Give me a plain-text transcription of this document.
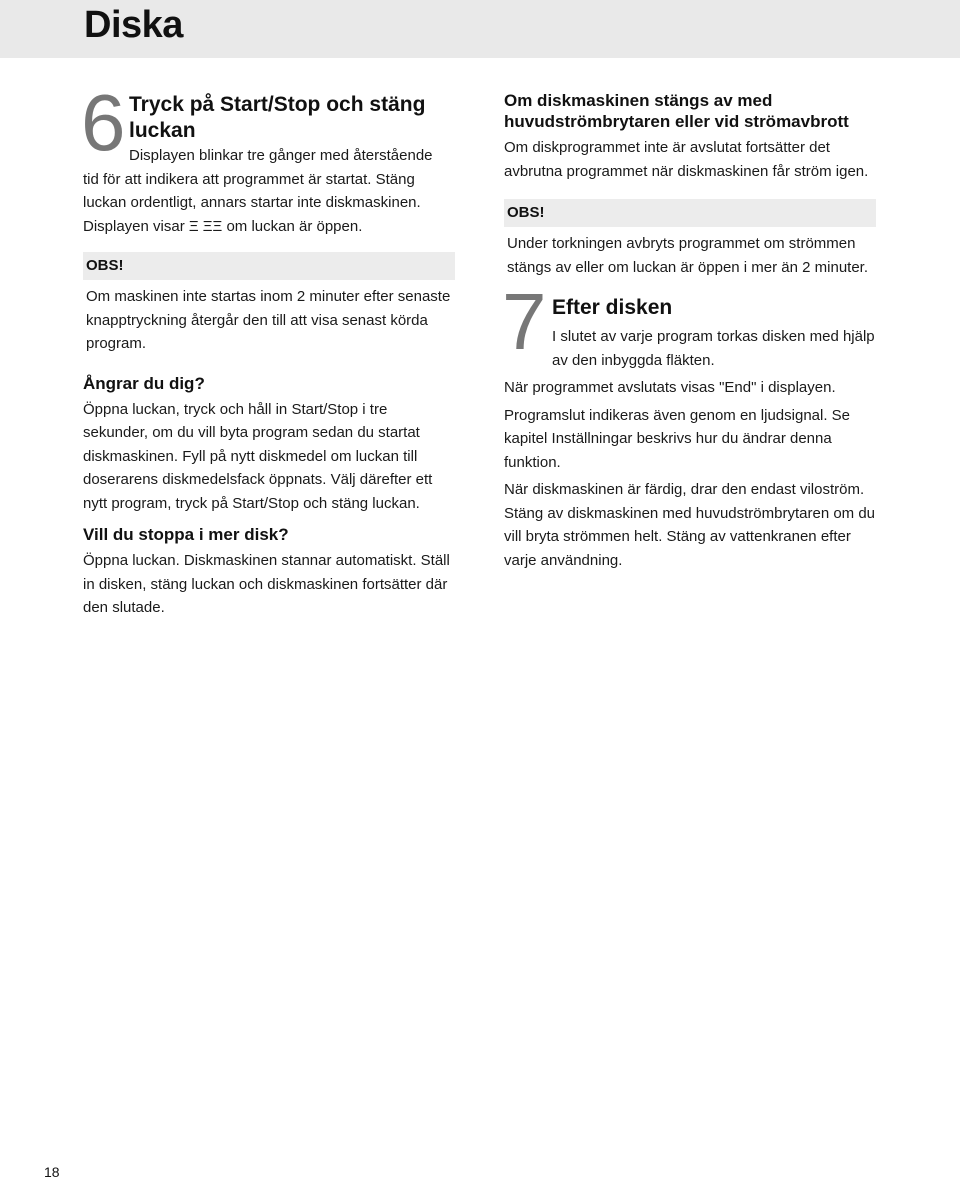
Diska
6 Tryck på Start/Stop och stäng luckan

Displayen blinkar tre gånger med återstående
tid för att indikera att programmet är startat. Stäng luckan ordentligt, annars startar inte diskmaskinen. Displayen visar Ξ ΞΞ om luckan är öppen.

OBS!

Om maskinen inte startas inom 2 minuter efter senaste knapptryckning återgår den till att visa senast körda program.

Ångrar du dig?

Öppna luckan, tryck och håll in Start/Stop i tre sekunder, om du vill byta program sedan du startat diskmaskinen. Fyll på nytt diskmedel om luckan till doserarens diskmedelsfack öppnats. Välj därefter ett nytt program, tryck på Start/Stop och stäng luckan.

Vill du stoppa i mer disk?

Öppna luckan. Diskmaskinen stannar automatiskt. Ställ in disken, stäng luckan och diskmaskinen fortsätter där den slutade.

Om diskmaskinen stängs av med huvudströmbrytaren eller vid strömavbrott

Om diskprogrammet inte är avslutat fortsätter det avbrutna programmet när diskmaskinen får ström igen.

OBS!

Under torkningen avbryts programmet om strömmen stängs av eller om luckan är öppen i mer än 2 minuter.

7 Efter disken

I slutet av varje program torkas disken med hjälp av den inbyggda fläkten.

När programmet avslutats visas "End" i displayen.

Programslut indikeras även genom en ljudsignal. Se kapitel Inställningar beskrivs hur du ändrar denna funktion.

När diskmaskinen är färdig, drar den endast viloström. Stäng av diskmaskinen med huvudströmbrytaren om du vill bryta strömmen helt. Stäng av vattenkranen efter varje användning.

18
